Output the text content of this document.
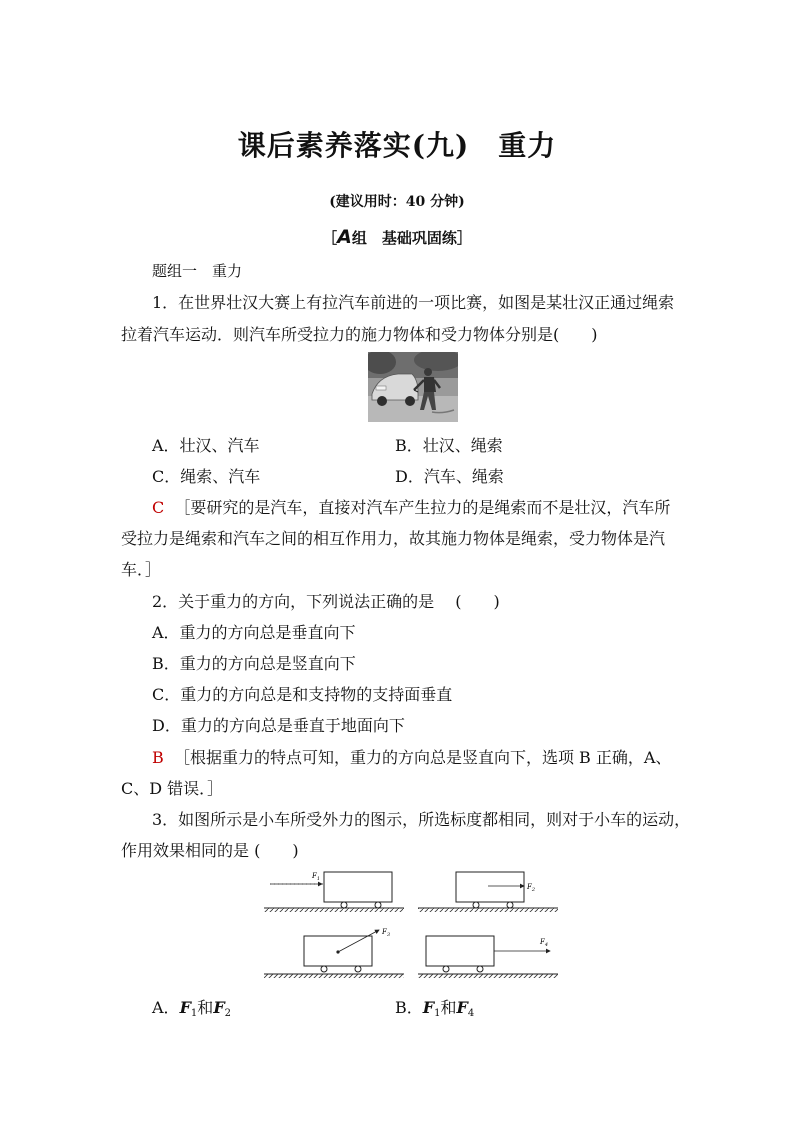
课后素养落实(九)　重力
(建议用时：40 分钟)
［A组　基础巩固练］
题组一　重力
1．在世界壮汉大赛上有拉汽车前进的一项比赛，如图是某壮汉正通过绳索
拉着汽车运动．则汽车所受拉力的施力物体和受力物体分别是(　　)
A．壮汉、汽车	B．壮汉、绳索
C．绳索、汽车	D．汽车、绳索
C ［要研究的是汽车，直接对汽车产生拉力的是绳索而不是壮汉，汽车所
受拉力是绳索和汽车之间的相互作用力，故其施力物体是绳索，受力物体是汽
车．］
2．关于重力的方向，下列说法正确的是　 (　　)
A．重力的方向总是垂直向下
B．重力的方向总是竖直向下
C．重力的方向总是和支持物的支持面垂直
D．重力的方向总是垂直于地面向下
B ［根据重力的特点可知，重力的方向总是竖直向下，选项 B 正确，A、
C、D 错误．］
3．如图所示是小车所受外力的图示，所选标度都相同，则对于小车的运动，
作用效果相同的是 (　　)
$F_1$
$F_2$
$F_3$
$F_4$
A．$F_1$和$F_2$	B．$F_1$和$F_4$
